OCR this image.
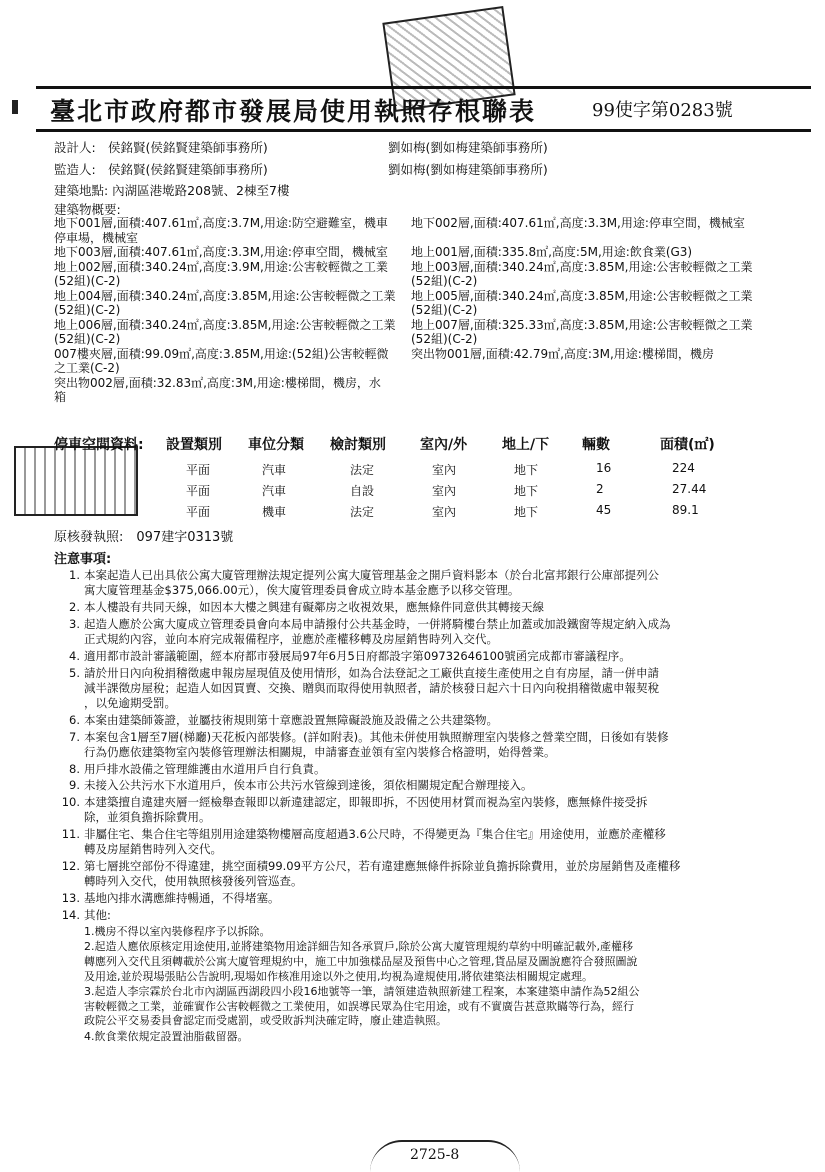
臺北市政府都市發展局使用執照存根聯表	99使字第0283號
設計人: 侯銘賢(侯銘賢建築師事務所)	劉如梅(劉如梅建築師事務所)
監造人: 侯銘賢(侯銘賢建築師事務所)	劉如梅(劉如梅建築師事務所)
建築地點: 內湖區港墘路208號、2棟至7樓
建築物概要:
地下001層,面積:407.61㎡,高度:3.7M,用途:防空避難室，機車	地下002層,面積:407.61㎡,高度:3.3M,用途:停車空間，機械室
停車場，機械室
地下003層,面積:407.61㎡,高度:3.3M,用途:停車空間，機械室	地上001層,面積:335.8㎡,高度:5M,用途:飲食業(G3)
地上002層,面積:340.24㎡,高度:3.9M,用途:公害較輕微之工業	地上003層,面積:340.24㎡,高度:3.85M,用途:公害較輕微之工業
(52組)(C-2)	(52組)(C-2)
地上004層,面積:340.24㎡,高度:3.85M,用途:公害較輕微之工業	地上005層,面積:340.24㎡,高度:3.85M,用途:公害較輕微之工業
(52組)(C-2)	(52組)(C-2)
地上006層,面積:340.24㎡,高度:3.85M,用途:公害較輕微之工業	地上007層,面積:325.33㎡,高度:3.85M,用途:公害較輕微之工業
(52組)(C-2)	(52組)(C-2)
007樓夾層,面積:99.09㎡,高度:3.85M,用途:(52組)公害較輕微	突出物001層,面積:42.79㎡,高度:3M,用途:樓梯間，機房
之工業(C-2)
突出物002層,面積:32.83㎡,高度:3M,用途:樓梯間，機房，水
箱
停車空間資料: 設置類別 車位分類 檢討類別 室內/外 地上/下 輛數	面積(㎡)
平面	汽車	法定	室內	地下	16	224
平面	汽車	自設	室內	地下	2	27.44
平面	機車	法定	室內	地下	45	89.1
原核發執照:　097建字0313號
注意事項:
1. 本案起造人已出具依公寓大廈管理辦法規定提列公寓大廈管理基金之開戶資料影本（於台北富邦銀行公庫部提列公
寓大廈管理基金$375,066.00元），俟大廈管理委員會成立時本基金應予以移交管理。
2. 本人樓設有共同天線，如因本大樓之興建有礙鄰房之收視效果，應無條件同意供其轉接天線
3. 起造人應於公寓大廈成立管理委員會向本局申請撥付公共基金時，一併將騎樓台禁止加蓋或加設鐵窗等規定納入成為
正式規約內容，並向本府完成報備程序，並應於產權移轉及房屋銷售時列入交代。
4. 適用都市設計審議範圍，經本府都市發展局97年6月5日府都設字第09732646100號函完成都市審議程序。
5. 請於卅日內向稅捐稽徵處申報房屋現值及使用情形，如為合法登記之工廠供直接生產使用之自有房屋，請一併申請
減半課徵房屋稅；起造人如因買賣、交換、贈與而取得使用執照者，請於核發日起六十日內向稅捐稽徵處申報契稅
，以免逾期受罰。
6. 本案由建築師簽證，並屬技術規則第十章應設置無障礙設施及設備之公共建築物。
7. 本案包含1層至7層(梯廳)天花板內部裝修。(詳如附表)。其他未併使用執照辦理室內裝修之營業空間，日後如有裝修
行為仍應依建築物室內裝修管理辦法相關規，申請審查並領有室內裝修合格證明，始得營業。
8. 用戶排水設備之管理維護由水道用戶自行負責。
9. 未接入公共污水下水道用戶，俟本市公共污水管線到達後，須依相關規定配合辦理接入。
10. 本建築擅自違建夾層一經檢舉查報即以新違建認定，即報即拆，不因使用材質而視為室內裝修，應無條件接受拆
除，並須負擔拆除費用。
11. 非屬住宅、集合住宅等組別用途建築物樓層高度超過3.6公尺時，不得變更為『集合住宅』用途使用，並應於產權移
轉及房屋銷售時列入交代。
12. 第七層挑空部份不得違建，挑空面積99.09平方公尺，若有違建應無條件拆除並負擔拆除費用，並於房屋銷售及產權移
轉時列入交代，使用執照核發後列管巡查。
13. 基地內排水溝應維持暢通，不得堵塞。
14. 其他:
1.機房不得以室內裝修程序予以拆除。
2.起造人應依原核定用途使用,並將建築物用途詳細告知各承買戶,除於公寓大廈管理規約草約中明確記載外,產權移
轉應列入交代且須轉載於公寓大廈管理規約中，施工中加強樣品屋及預售中心之管理,貨品屋及圖說應符合發照圖說
及用途,並於現場張貼公告說明,現場如作核准用途以外之使用,均視為違規使用,將依建築法相關規定處理。
3.起造人李宗霖於台北市內湖區西湖段四小段16地號等一筆，請領建造執照新建工程案，本案建築申請作為52組公
害較輕微之工業，並確實作公害較輕微之工業使用，如誤導民眾為住宅用途，或有不實廣告甚意欺瞞等行為，經行
政院公平交易委員會認定而受處罰，或受敗訴判決確定時，廢止建造執照。
4.飲食業依規定設置油脂截留器。
2725-8
